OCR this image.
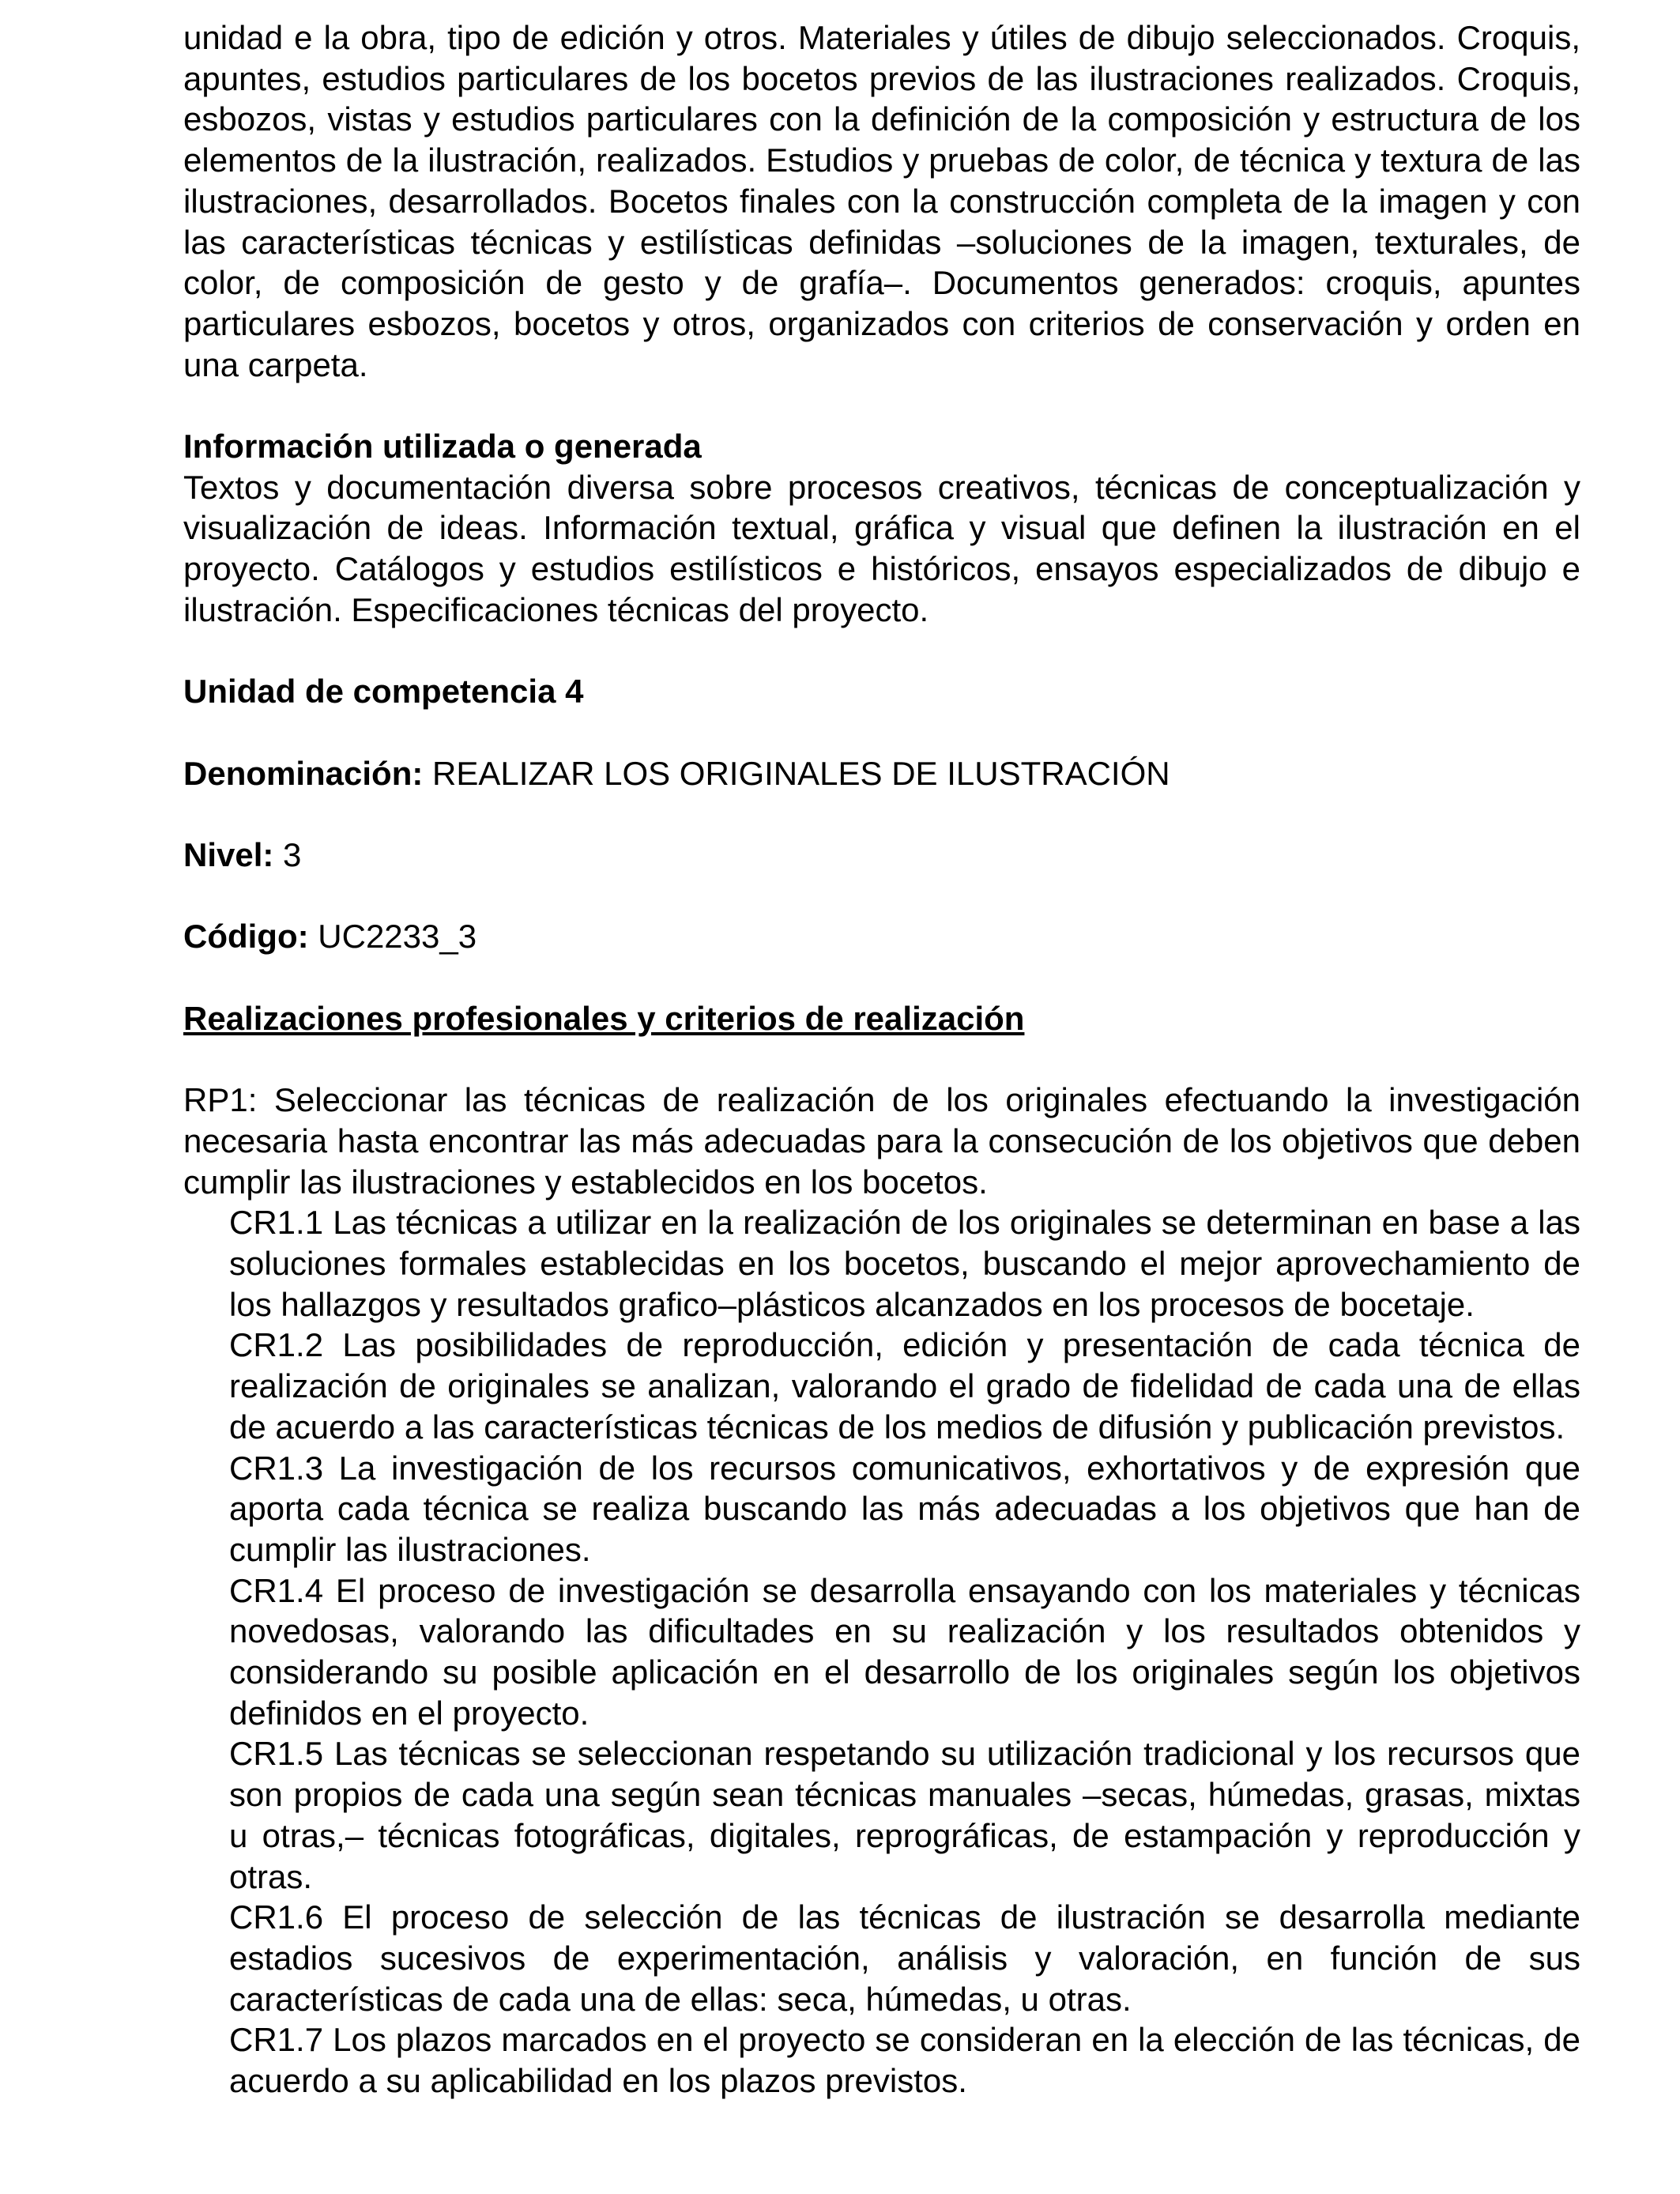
unidad e la obra, tipo de edición y otros. Materiales y útiles de dibujo seleccionados. Croquis, apuntes, estudios particulares de los bocetos previos de las ilustraciones realizados. Croquis, esbozos, vistas y estudios particulares con la definición de la composición y estructura de los elementos de la ilustración, realizados. Estudios y pruebas de color, de técnica y textura de las ilustraciones, desarrollados. Bocetos finales con la construcción completa de la imagen y con las características técnicas y estilísticas definidas –soluciones de la imagen, texturales, de color, de composición de gesto y de grafía–. Documentos generados: croquis, apuntes particulares esbozos, bocetos y otros, organizados con criterios de conservación y orden en una carpeta.

Información utilizada o generada

Textos y documentación diversa sobre procesos creativos, técnicas de conceptualización y visualización de ideas. Información textual, gráfica y visual que definen la ilustración en el proyecto. Catálogos y estudios estilísticos e históricos, ensayos especializados de dibujo e ilustración. Especificaciones técnicas del proyecto.

Unidad de competencia 4

Denominación: REALIZAR LOS ORIGINALES DE ILUSTRACIÓN

Nivel: 3

Código: UC2233_3

Realizaciones profesionales y criterios de realización

RP1: Seleccionar las técnicas de realización de los originales efectuando la investigación necesaria hasta encontrar las más adecuadas para la consecución de los objetivos que deben cumplir las ilustraciones y establecidos en los bocetos.

CR1.1 Las técnicas a utilizar en la realización de los originales se determinan en base a las soluciones formales establecidas en los bocetos, buscando el mejor aprovechamiento de los hallazgos y resultados grafico–plásticos alcanzados en los procesos de bocetaje.

CR1.2 Las posibilidades de reproducción, edición y presentación de cada técnica de realización de originales se analizan, valorando el grado de fidelidad de cada una de ellas de acuerdo a las características técnicas de los medios de difusión y publicación previstos.

CR1.3 La investigación de los recursos comunicativos, exhortativos y de expresión que aporta cada técnica se realiza buscando las más adecuadas a los objetivos que han de cumplir las ilustraciones.

CR1.4 El proceso de investigación se desarrolla ensayando con los materiales y técnicas novedosas, valorando las dificultades en su realización y los resultados obtenidos y considerando su posible aplicación en el desarrollo de los originales según los objetivos definidos en el proyecto.

CR1.5 Las técnicas se seleccionan respetando su utilización tradicional y los recursos que son propios de cada una según sean técnicas manuales –secas, húmedas, grasas, mixtas u otras,– técnicas fotográficas, digitales, reprográficas, de estampación y reproducción y otras.

CR1.6 El proceso de selección de las técnicas de ilustración se desarrolla mediante estadios sucesivos de experimentación, análisis y valoración, en función de sus características de cada una de ellas: seca, húmedas, u otras.

CR1.7 Los plazos marcados en el proyecto se consideran en la elección de las técnicas, de acuerdo a su aplicabilidad en los plazos previstos.
